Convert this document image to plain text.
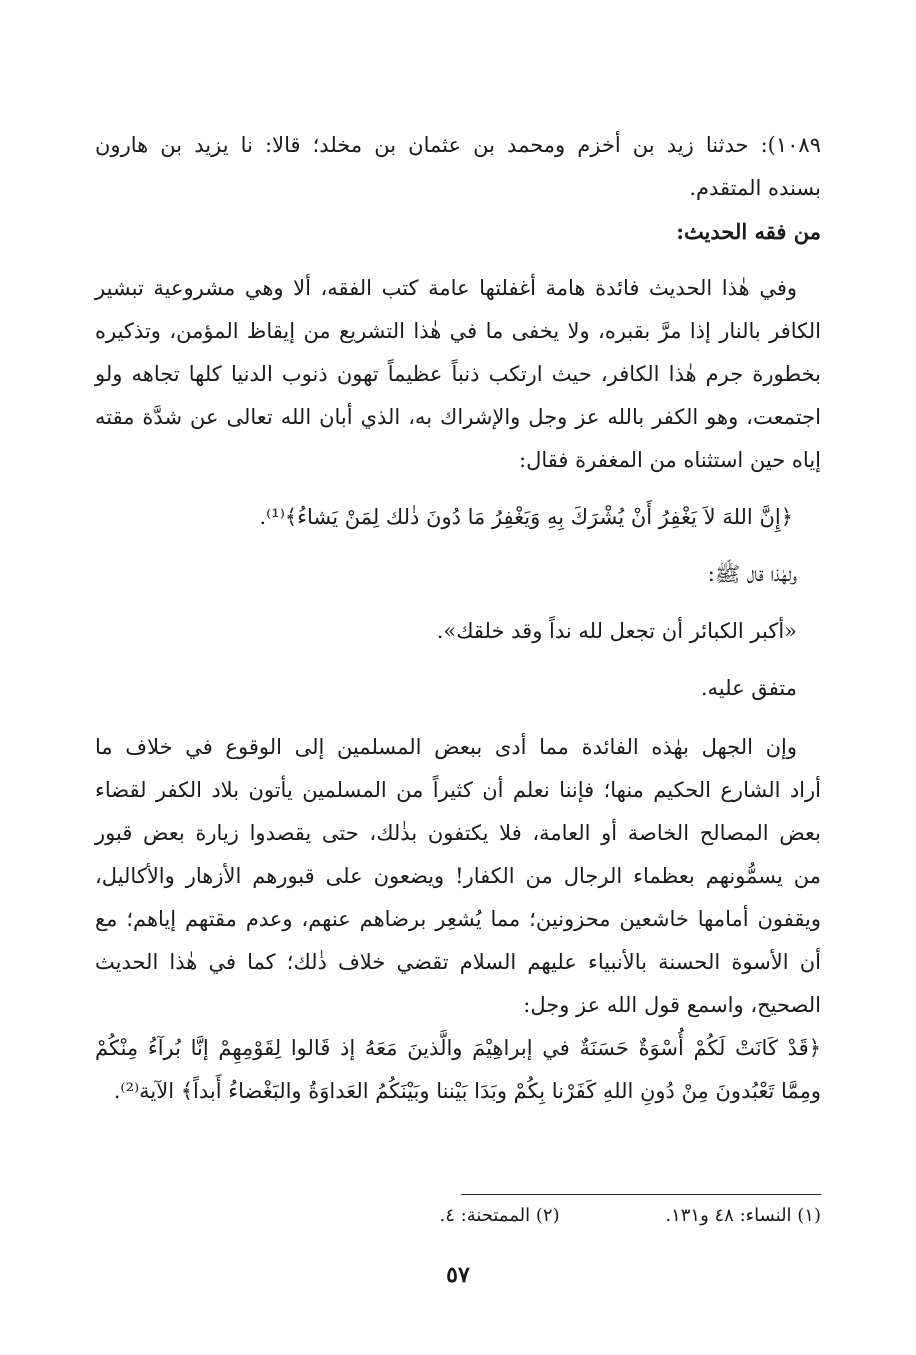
١٠٨٩): حدثنا زيد بن أخزم ومحمد بن عثمان بن مخلد؛ قالا: نا يزيد بن هارون
بسنده المتقدم.
من فقه الحديث:
وفي هٰذا الحديث فائدة هامة أغفلتها عامة كتب الفقه، ألا وهي مشروعية تبشير
الكافر بالنار إذا مرَّ بقبره، ولا يخفى ما في هٰذا التشريع من إيقاظ المؤمن، وتذكيره
بخطورة جرم هٰذا الكافر، حيث ارتكب ذنباً عظيماً تهون ذنوب الدنيا كلها تجاهه ولو
اجتمعت، وهو الكفر بالله عز وجل والإشراك به، الذي أبان الله تعالى عن شدَّة مقته
إياه حين استثناه من المغفرة فقال:
﴿إِنَّ اللهَ لاَ يَغْفِرُ أَنْ يُشْرَكَ بِهِ وَيَغْفِرُ مَا دُونَ ذٰلك لِمَنْ يَشاءُ﴾⁽¹⁾.
ولهٰذا قال ﷺ:
«أكبر الكبائر أن تجعل لله نداً وقد خلقك».
متفق عليه.
وإن الجهل بهٰذه الفائدة مما أدى ببعض المسلمين إلى الوقوع في خلاف ما
أراد الشارع الحكيم منها؛ فإننا نعلم أن كثيراً من المسلمين يأتون بلاد الكفر لقضاء
بعض المصالح الخاصة أو العامة، فلا يكتفون بذٰلك، حتى يقصدوا زيارة بعض قبور
من يسمُّونهم بعظماء الرجال من الكفار! ويضعون على قبورهم الأزهار والأكاليل،
ويقفون أمامها خاشعين محزونين؛ مما يُشعِر برضاهم عنهم، وعدم مقتهم إياهم؛ مع
أن الأسوة الحسنة بالأنبياء عليهم السلام تقضي خلاف ذٰلك؛ كما في هٰذا الحديث
الصحيح، واسمع قول الله عز وجل:
﴿قَدْ كَانَتْ لَكُمْ أُسْوَةٌ حَسَنَةٌ في إبراهِيْمَ والَّذينَ مَعَهُ إذ قَالوا لِقَوْمِهِمْ إنَّا بُرآءُ مِنْكُمْ
ومِمَّا تَعْبُدونَ مِنْ دُونِ اللهِ كَفَرْنا بِكُمْ وبَدَا بَيْننا وبَيْنَكُمُ العَداوَةُ والبَغْضاءُ أَبداً﴾ الآية⁽²⁾.
(١) النساء: ٤٨ و١٣١. (٢) الممتحنة: ٤.
٥٧
